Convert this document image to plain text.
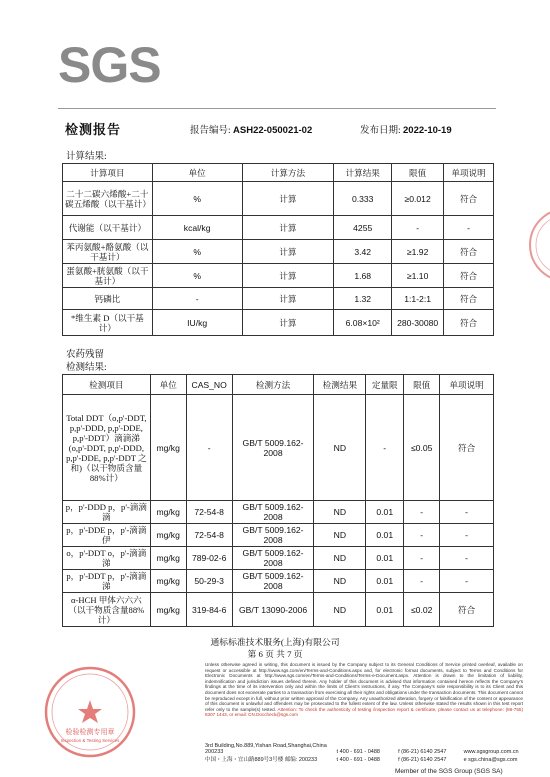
SGS
检测报告	报告编号: ASH22-050021-02	发布日期: 2022-10-19
计算结果:
计算项目	单位	计算方法	计算结果	限值	单项说明
二十二碳六烯酸+二十碳五烯酸（以干基计）	%	计算	0.333	≥0.012	符合
代谢能（以干基计）	kcal/kg	计算	4255	-	-
苯丙氨酸+酪氨酸（以干基计）	%	计算	3.42	≥1.92	符合
蛋氨酸+胱氨酸（以干基计）	%	计算	1.68	≥1.10	符合
钙磷比	-	计算	1.32	1:1-2:1	符合
*维生素 D（以干基计）	IU/kg	计算	6.08×10²	280-30080	符合
农药残留
检测结果:
检测项目	单位	CAS_NO	检测方法	检测结果	定量限	限值	单项说明
Total DDT（o,p'-DDT, p,p'-DDD, p,p'-DDE, p,p'-DDT）滴滴涕(o,p'-DDT, p,p'-DDD, p,p'-DDE, p,p'-DDT 之和)（以干物质含量88%计）	mg/kg	-	GB/T 5009.162-2008	ND	-	≤0.05	符合
p，p'-DDD p，p'-滴滴滴	mg/kg	72-54-8	GB/T 5009.162-2008	ND	0.01	-	-
p，p'-DDE p，p'-滴滴伊	mg/kg	72-54-8	GB/T 5009.162-2008	ND	0.01	-	-
o，p'-DDT o，p'-滴滴涕	mg/kg	789-02-6	GB/T 5009.162-2008	ND	0.01	-	-
p，p'-DDT p，p'-滴滴涕	mg/kg	50-29-3	GB/T 5009.162-2008	ND	0.01	-	-
α-HCH 甲体六六六（以干物质含量88%计）	mg/kg	319-84-6	GB/T 13090-2006	ND	0.01	≤0.02	符合
通标标准技术服务(上海)有限公司
第 6 页 共 7 页
检验检测专用章
Inspection & Testing Services
Unless otherwise agreed in writing, this document is issued by the Company subject to its General Conditions of Service printed overleaf, available on request or accessible at http://www.sgs.com/en/Terms-and-Conditions.aspx and, for electronic format documents, subject to Terms and Conditions for Electronic Documents at http://www.sgs.com/en/Terms-and-Conditions/Terms-e-Document.aspx. Attention is drawn to the limitation of liability, indemnification and jurisdiction issues defined therein. Any holder of this document is advised that information contained hereon reflects the Company's findings at the time of its intervention only and within the limits of Client's instructions, if any. The Company's sole responsibility is to its Client and this document does not exonerate parties to a transaction from exercising all their rights and obligations under the transaction documents. This document cannot be reproduced except in full, without prior written approval of the Company. Any unauthorized alteration, forgery or falsification of the content or appearance of this document is unlawful and offenders may be prosecuted to the fullest extent of the law. Unless otherwise stated the results shown in this test report refer only to the sample(s) tested. Attention: To check the authenticity of testing /inspection report & certificate, please contact us at telephone: (86-755) 8307 1443, or email: CN.Doccheck@sgs.com
3rd Building,No.889,Yishan Road,Shanghai,China 200233	t 400 - 691 - 0488	f (86-21) 6140 2547	www.sgsgroup.com.cn
中国・上海・宜山路889号3号楼 邮编: 200233	t 400 - 691 - 0488	f (86-21) 6140 2547	e sgs.china@sgs.com
Member of the SGS Group (SGS SA)
